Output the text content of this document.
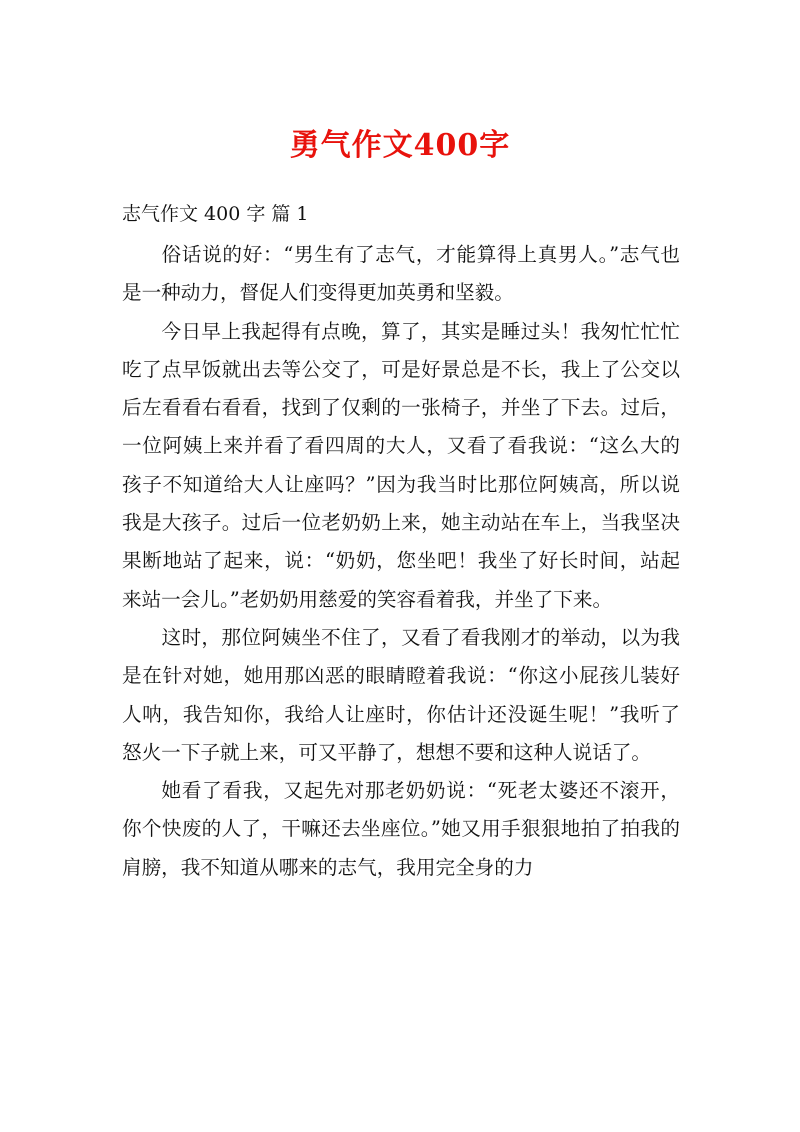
勇气作文400字

志气作文 400 字 篇 1

俗话说的好：“男生有了志气，才能算得上真男人。”志气也是一种动力，督促人们变得更加英勇和坚毅。

今日早上我起得有点晚，算了，其实是睡过头！我匆忙忙忙吃了点早饭就出去等公交了，可是好景总是不长，我上了公交以后左看看右看看，找到了仅剩的一张椅子，并坐了下去。过后，一位阿姨上来并看了看四周的大人，又看了看我说：“这么大的孩子不知道给大人让座吗？”因为我当时比那位阿姨高，所以说我是大孩子。过后一位老奶奶上来，她主动站在车上，当我坚决果断地站了起来，说：“奶奶，您坐吧！我坐了好长时间，站起来站一会儿。”老奶奶用慈爱的笑容看着我，并坐了下来。

这时，那位阿姨坐不住了，又看了看我刚才的举动，以为我是在针对她，她用那凶恶的眼睛瞪着我说：“你这小屁孩儿装好人呐，我告知你，我给人让座时，你估计还没诞生呢！”我听了怒火一下子就上来，可又平静了，想想不要和这种人说话了。

她看了看我，又起先对那老奶奶说：“死老太婆还不滚开，你个快废的人了，干嘛还去坐座位。”她又用手狠狠地拍了拍我的肩膀，我不知道从哪来的志气，我用完全身的力
